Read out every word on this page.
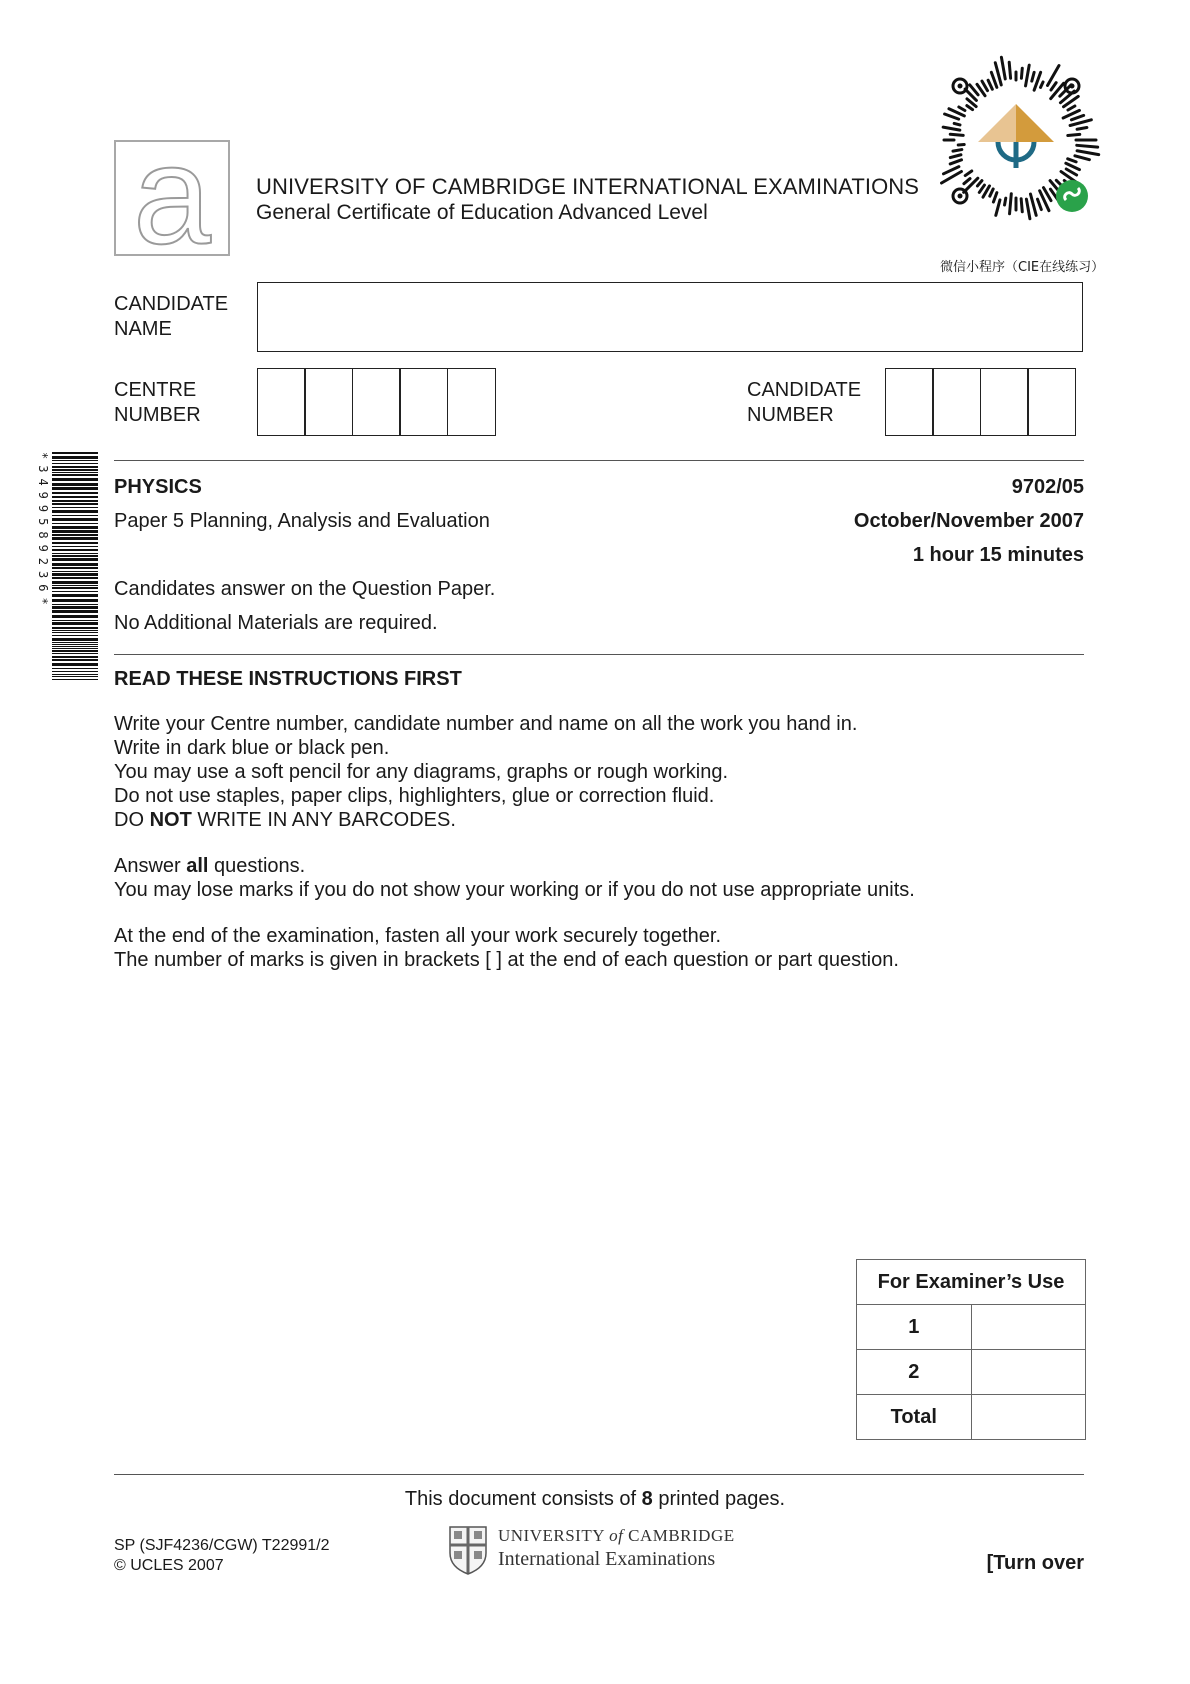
a	UNIVERSITY OF CAMBRIDGE INTERNATIONAL EXAMINATIONS
General Certificate of Education Advanced Level
微信小程序（CIE在线练习）
CANDIDATE
NAME
CENTRE
NUMBER
CANDIDATE
NUMBER
*3499589236*	PHYSICS	9702/05
Paper 5 Planning, Analysis and Evaluation	October/November 2007
1 hour 15 minutes
Candidates answer on the Question Paper.
No Additional Materials are required.
READ THESE INSTRUCTIONS FIRST

Write your Centre number, candidate number and name on all the work you hand in.

Write in dark blue or black pen.

You may use a soft pencil for any diagrams, graphs or rough working.

Do not use staples, paper clips, highlighters, glue or correction fluid.

DO NOT WRITE IN ANY BARCODES.

Answer all questions.

You may lose marks if you do not show your working or if you do not use appropriate units.

At the end of the examination, fasten all your work securely together.

The number of marks is given in brackets [ ] at the end of each question or part question.

For Examiner’s Use	
1	
2	
Total	
This document consists of 8 printed pages.
SP (SJF4236/CGW) T22991/2
© UCLES 2007
UNIVERSITY of CAMBRIDGE
International Examinations	[Turn over
